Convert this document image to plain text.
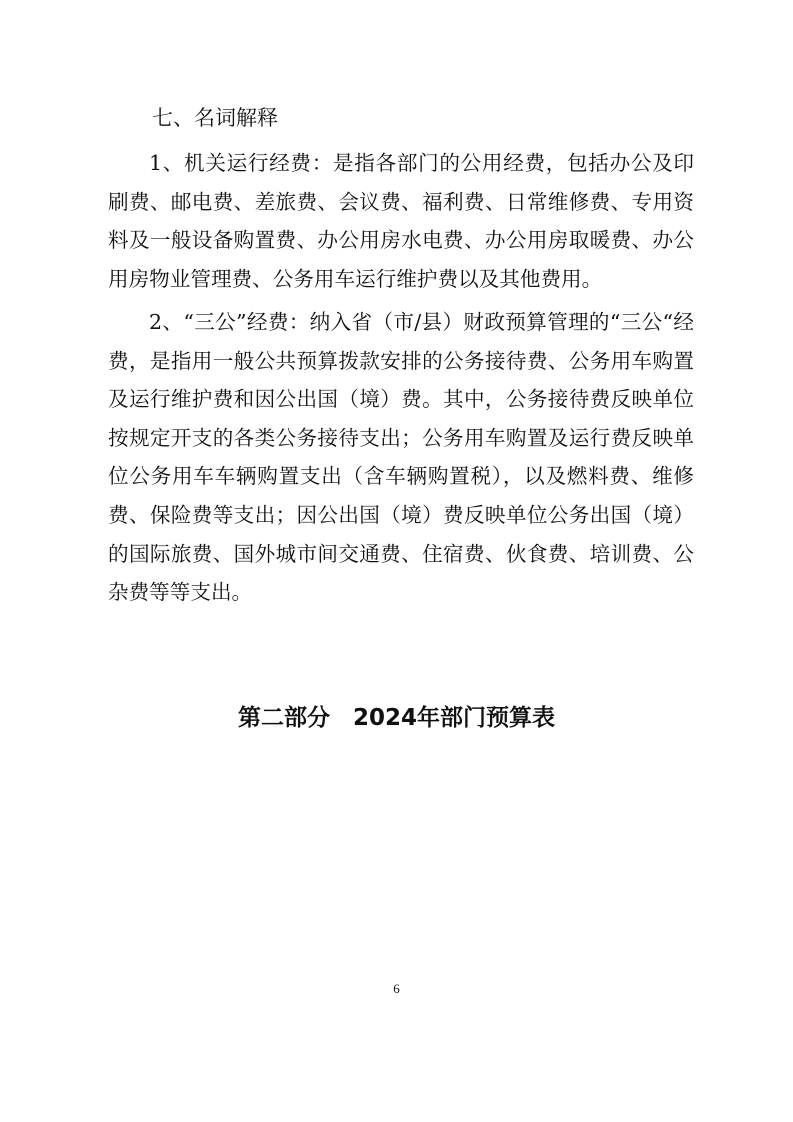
七、名词解释

1、机关运行经费：是指各部门的公用经费，包括办公及印刷费、邮电费、差旅费、会议费、福利费、日常维修费、专用资料及一般设备购置费、办公用房水电费、办公用房取暖费、办公用房物业管理费、公务用车运行维护费以及其他费用。

2、“三公”经费：纳入省（市/县）财政预算管理的“三公“经费，是指用一般公共预算拨款安排的公务接待费、公务用车购置及运行维护费和因公出国（境）费。其中，公务接待费反映单位按规定开支的各类公务接待支出；公务用车购置及运行费反映单位公务用车车辆购置支出（含车辆购置税），以及燃料费、维修费、保险费等支出；因公出国（境）费反映单位公务出国（境）的国际旅费、国外城市间交通费、住宿费、伙食费、培训费、公杂费等等支出。

第二部分　2024年部门预算表
6
